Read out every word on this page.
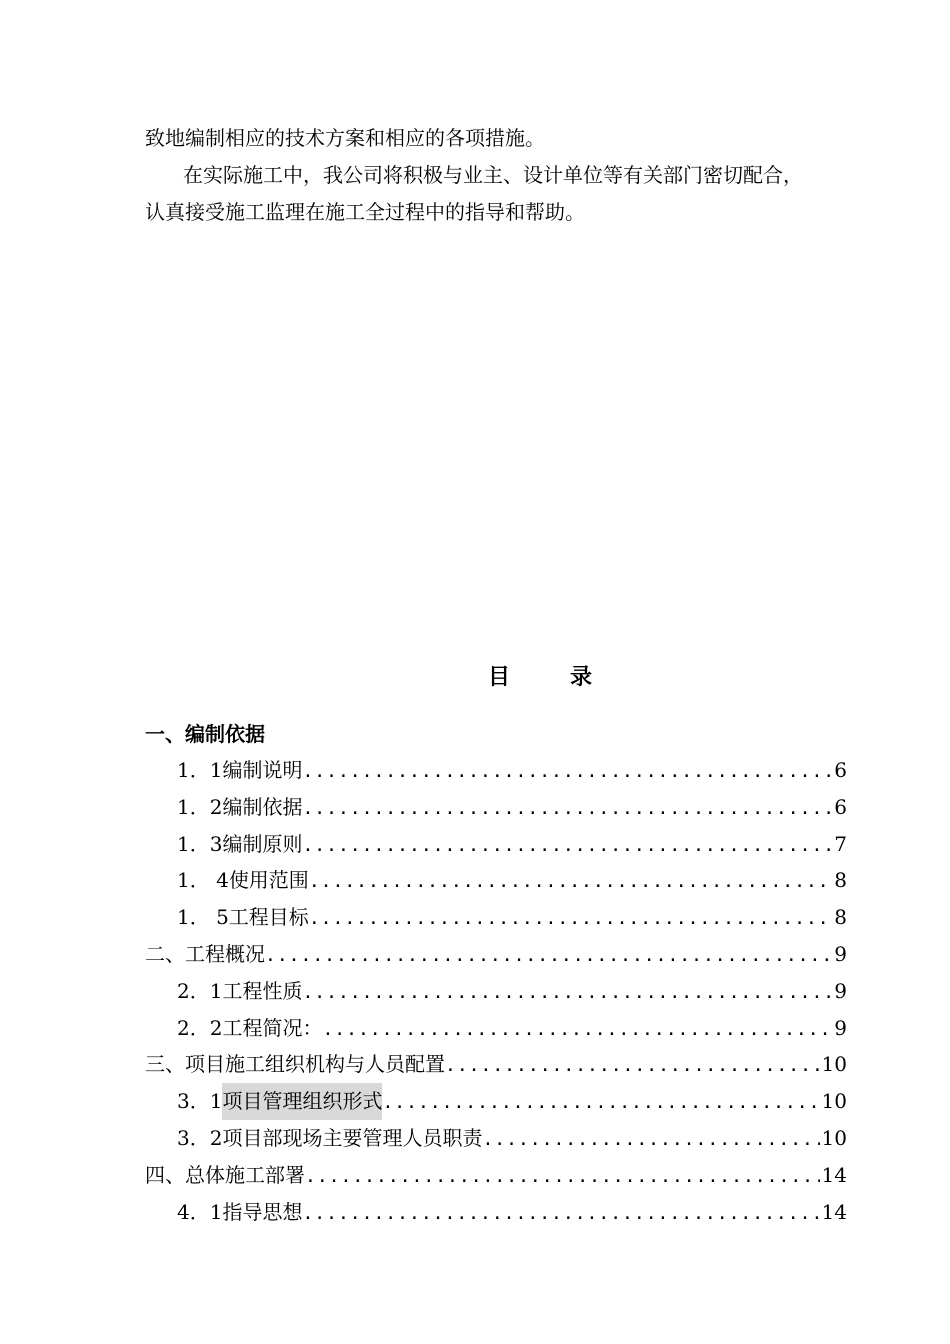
致地编制相应的技术方案和相应的各项措施。
在实际施工中，我公司将积极与业主、设计单位等有关部门密切配合，
认真接受施工监理在施工全过程中的指导和帮助。
目录
一、编制依据
1．1 编制说明 .....	6
1．2 编制依据 .....	6
1．3 编制原则 .....	7
1． 4 使用范围 .....	8
1． 5 工程目标 .....	8
二、工程概况 .....	9
2．1 工程性质 .....	9
2．2 工程简况： .....	9
三、项目施工组织机构与人员配置 .....	10
3．1 项目管理组织形式 .....	10
3．2 项目部现场主要管理人员职责 .....	10
四、总体施工部署 .....	14
4．1 指导思想 .....	14
